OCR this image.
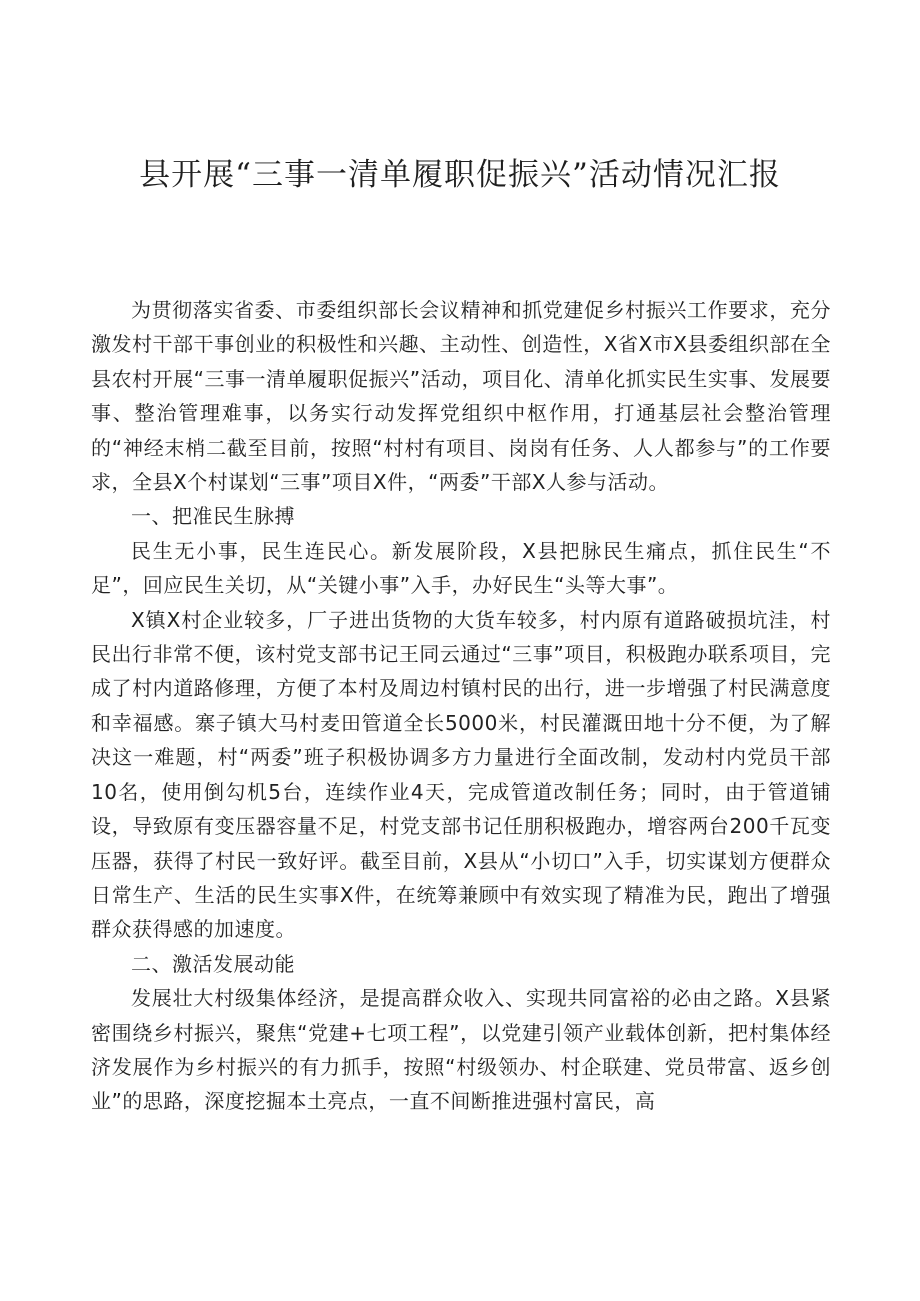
县开展“三事一清单履职促振兴”活动情况汇报

为贯彻落实省委、市委组织部长会议精神和抓党建促乡村振兴工作要求，充分激发村干部干事创业的积极性和兴趣、主动性、创造性，X省X市X县委组织部在全县农村开展“三事一清单履职促振兴”活动，项目化、清单化抓实民生实事、发展要事、整治管理难事，以务实行动发挥党组织中枢作用，打通基层社会整治管理的“神经末梢二截至目前，按照“村村有项目、岗岗有任务、人人都参与”的工作要求，全县X个村谋划“三事”项目X件，“两委”干部X人参与活动。

一、把准民生脉搏

民生无小事，民生连民心。新发展阶段，X县把脉民生痛点，抓住民生“不足”，回应民生关切，从“关键小事”入手，办好民生“头等大事”。

X镇X村企业较多，厂子进出货物的大货车较多，村内原有道路破损坑洼，村民出行非常不便，该村党支部书记王同云通过“三事”项目，积极跑办联系项目，完成了村内道路修理，方便了本村及周边村镇村民的出行，进一步增强了村民满意度和幸福感。寨子镇大马村麦田管道全长5000米，村民灌溉田地十分不便，为了解决这一难题，村“两委”班子积极协调多方力量进行全面改制，发动村内党员干部10名，使用倒勾机5台，连续作业4天，完成管道改制任务；同时，由于管道铺设，导致原有变压器容量不足，村党支部书记任朋积极跑办，增容两台200千瓦变压器，获得了村民一致好评。截至目前，X县从“小切口”入手，切实谋划方便群众日常生产、生活的民生实事X件，在统筹兼顾中有效实现了精准为民，跑出了增强群众获得感的加速度。

二、激活发展动能

发展壮大村级集体经济，是提高群众收入、实现共同富裕的必由之路。X县紧密围绕乡村振兴，聚焦“党建+七项工程”，以党建引领产业载体创新，把村集体经济发展作为乡村振兴的有力抓手，按照“村级领办、村企联建、党员带富、返乡创业”的思路，深度挖掘本土亮点，一直不间断推进强村富民，高
